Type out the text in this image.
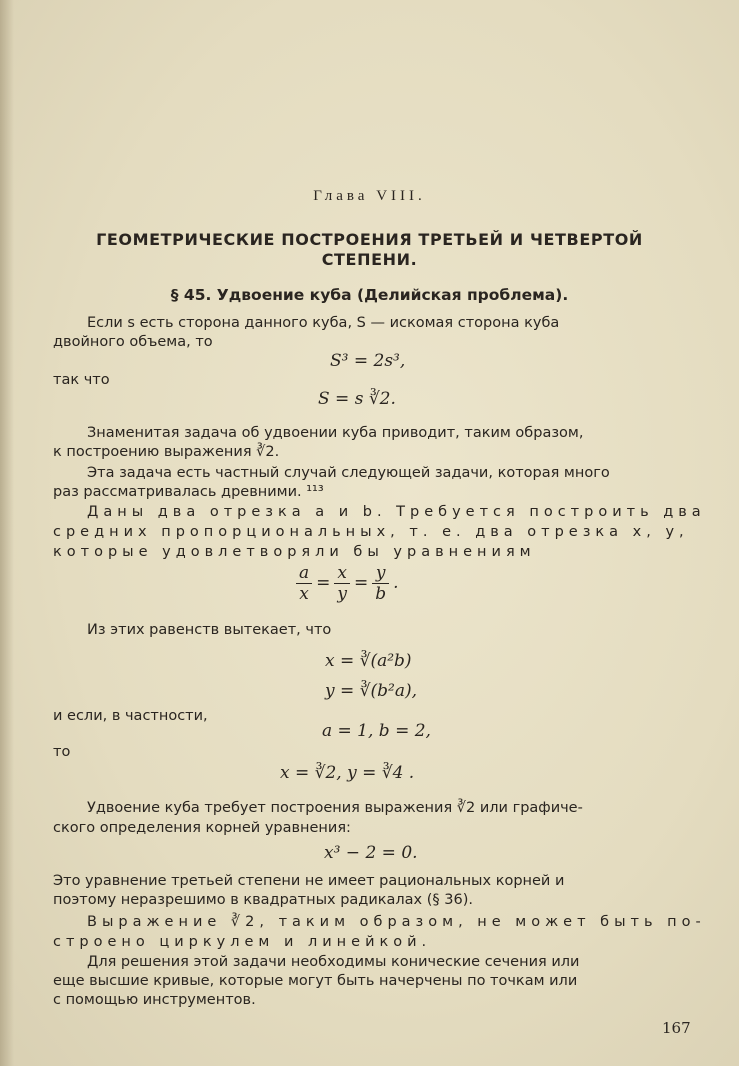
Глава VIII.
ГЕОМЕТРИЧЕСКИЕ ПОСТРОЕНИЯ ТРЕТЬЕЙ И ЧЕТВЕРТОЙ
СТЕПЕНИ.
§ 45. Удвоение куба (Делийская проблема).
Если s есть сторона данного куба, S — искомая сторона куба
двойного объема, то
S³ = 2s³,
так что
S = s ∛2.
Знаменитая задача об удвоении куба приводит, таким образом,
к построению выражения ∛2.
Эта задача есть частный случай следующей задачи, которая много
раз рассматривалась древними. ¹¹³
Даны два отрезка a и b. Требуется построить два
средних пропорциональных, т. е. два отрезка x, y,
которые удовлетворяли бы уравнениям
$\frac{a}{x} = \frac{x}{y} = \frac{y}{b}$ .
Из этих равенств вытекает, что
x = ∛(a²b)
y = ∛(b²a),
и если, в частности,
a = 1, b = 2,
то
x = ∛2, y = ∛4 .
Удвоение куба требует построения выражения ∛2 или графиче-
ского определения корней уравнения:
x³ − 2 = 0.
Это уравнение третьей степени не имеет рациональных корней и
поэтому неразрешимо в квадратных радикалах (§ 36).
Выражение ∛2, таким образом, не может быть по-
строено циркулем и линейкой.
Для решения этой задачи необходимы конические сечения или
еще высшие кривые, которые могут быть начерчены по точкам или
с помощью инструментов.
167
